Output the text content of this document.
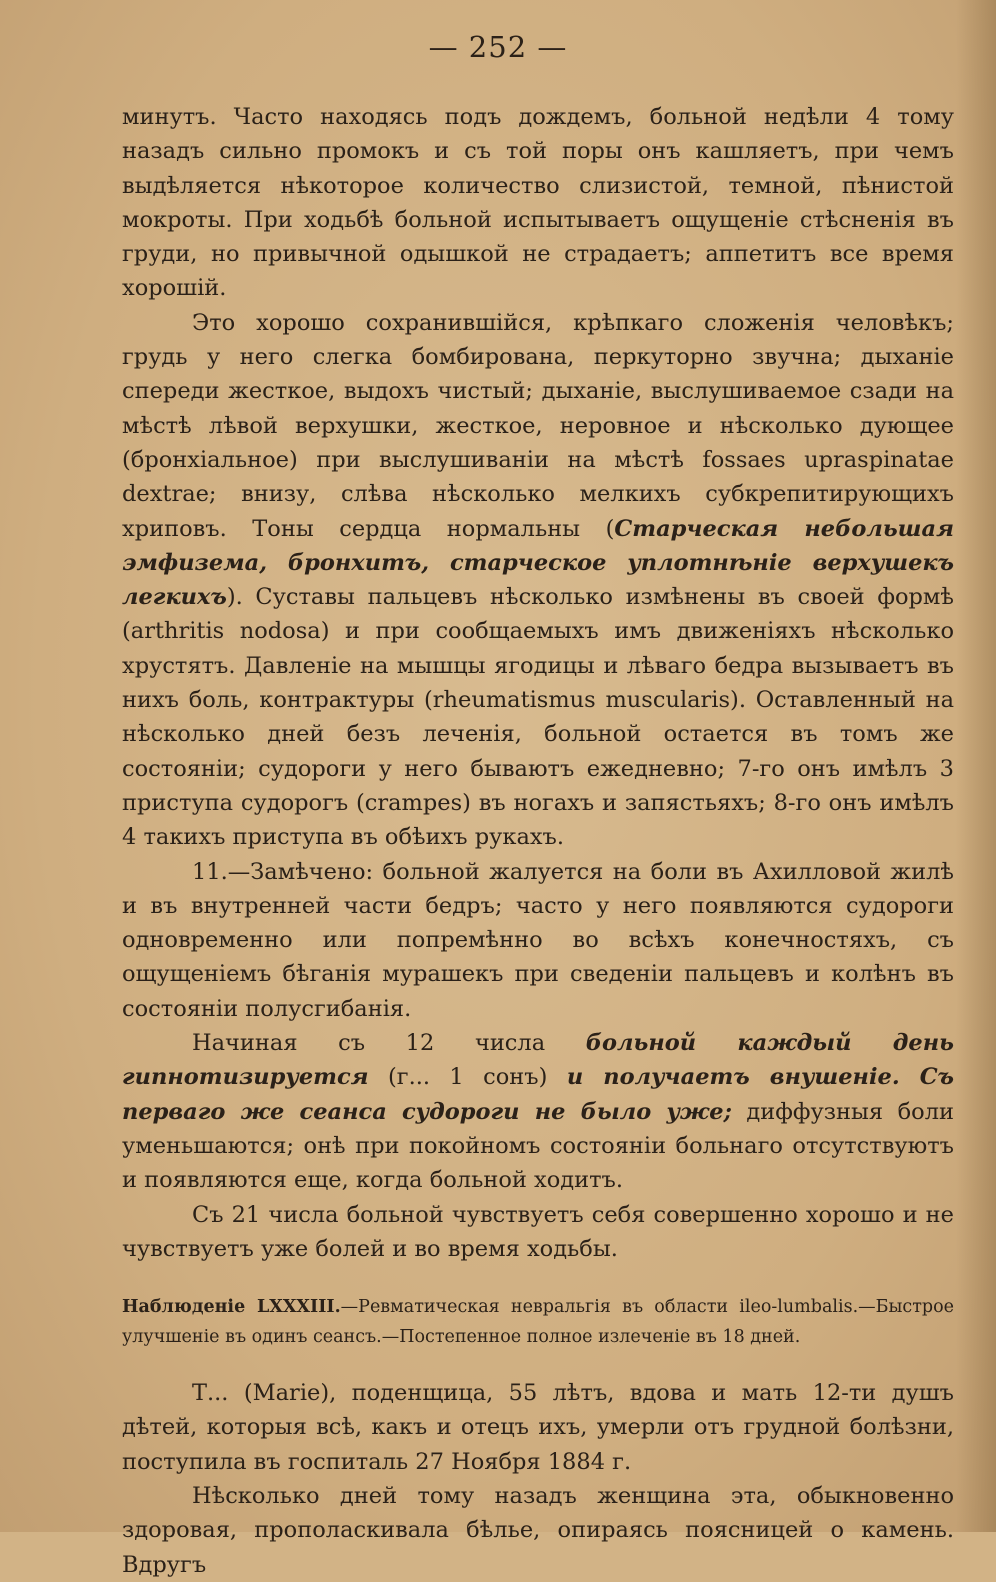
— 252 —

минутъ. Часто находясь подъ дождемъ, больной недѣли 4 тому назадъ сильно промокъ и съ той поры онъ кашляетъ, при чемъ выдѣляется нѣкоторое количество слизистой, темной, пѣнистой мокроты. При ходьбѣ больной испытываетъ ощущеніе стѣсненія въ груди, но привычной одышкой не страдаетъ; аппетитъ все время хорошій.

Это хорошо сохранившійся, крѣпкаго сложенія человѣкъ; грудь у него слегка бомбирована, перкуторно звучна; дыханіе спереди жесткое, выдохъ чистый; дыханіе, выслушиваемое сзади на мѣстѣ лѣвой верхушки, жесткое, неровное и нѣсколько дующее (бронхіальное) при выслушиваніи на мѣстѣ fossaes uprаspinatae dextrae; внизу, слѣва нѣсколько мелкихъ субкрепитирующихъ хриповъ. Тоны сердца нормальны (Старческая небольшая эмфизема, бронхитъ, старческое уплотнѣніе верхушекъ легкихъ). Суставы пальцевъ нѣсколько измѣнены въ своей формѣ (arthritis nodosa) и при сообщаемыхъ имъ движеніяхъ нѣсколько хрустятъ. Давленіе на мышцы ягодицы и лѣваго бедра вызываетъ въ нихъ боль, контрактуры (rheumatismus muscularis). Оставленный на нѣсколько дней безъ леченія, больной остается въ томъ же состояніи; судороги у него бываютъ ежедневно; 7-го онъ имѣлъ 3 приступа судорогъ (crampes) въ ногахъ и запястьяхъ; 8-го онъ имѣлъ 4 такихъ приступа въ обѣихъ рукахъ.

11.—Замѣчено: больной жалуется на боли въ Ахилловой жилѣ и въ внутренней части бедръ; часто у него появляются судороги одновременно или попремѣнно во всѣхъ конечностяхъ, съ ощущеніемъ бѣганія мурашекъ при сведеніи пальцевъ и колѣнъ въ состояніи полусгибанія.

Начиная съ 12 числа больной каждый день гипнотизируется (г... 1 сонъ) и получаетъ внушеніе. Съ перваго же сеанса судороги не было уже; диффузныя боли уменьшаются; онѣ при покойномъ состояніи больнаго отсутствуютъ и появляются еще, когда больной ходитъ.

Съ 21 числа больной чувствуетъ себя совершенно хорошо и не чувствуетъ уже болей и во время ходьбы.

Наблюденіе LXXXIII.—Ревматическая невральгія въ области ileo-lumbalis.—Быстрое улучшеніе въ одинъ сеансъ.—Постепенное полное излеченіе въ 18 дней.

Т... (Marie), поденщица, 55 лѣтъ, вдова и мать 12-ти душъ дѣтей, которыя всѣ, какъ и отецъ ихъ, умерли отъ грудной болѣзни, поступила въ госпиталь 27 Ноября 1884 г.

Нѣсколько дней тому назадъ женщина эта, обыкновенно здоровая, прополаскивала бѣлье, опираясь поясницей о камень. Вдругъ
